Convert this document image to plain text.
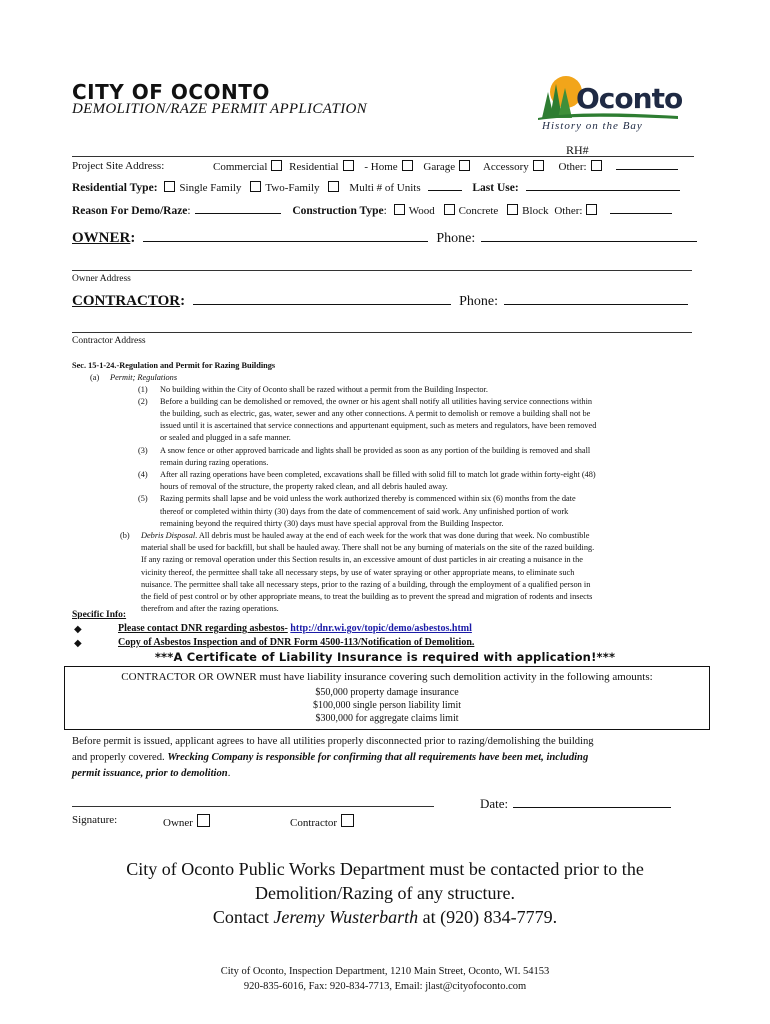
CITY OF OCONTO
DEMOLITION/RAZE PERMIT APPLICATION	Oconto
History on the Bay
RH#
Project Site Address:	Commercial Residential - Home Garage	Accessory	Other:
Residential Type: Single Family Two-Family	Multi # of Units	Last Use:
Reason For Demo/Raze:	Construction Type: Wood Concrete Block Other:
OWNER:	Phone:
Owner Address
CONTRACTOR:	Phone:
Contractor Address
Sec. 15-1-24.-Regulation and Permit for Razing Buildings
(a) Permit; Regulations
(1) No building within the City of Oconto shall be razed without a permit from the Building Inspector.
(2) Before a building can be demolished or removed, the owner or his agent shall notify all utilities having service connections within
the building, such as electric, gas, water, sewer and any other connections. A permit to demolish or remove a building shall not be
issued until it is ascertained that service connections and appurtenant equipment, such as meters and regulators, have been removed
or sealed and plugged in a safe manner.
(3) A snow fence or other approved barricade and lights shall be provided as soon as any portion of the building is removed and shall
remain during razing operations.
(4) After all razing operations have been completed, excavations shall be filled with solid fill to match lot grade within forty-eight (48)
hours of removal of the structure, the property raked clean, and all debris hauled away.
(5) Razing permits shall lapse and be void unless the work authorized thereby is commenced within six (6) months from the date
thereof or completed within thirty (30) days from the date of commencement of said work. Any unfinished portion of work
remaining beyond the required thirty (30) days must have special approval from the Building Inspector.
(b) Debris Disposal. All debris must be hauled away at the end of each week for the work that was done during that week. No combustible
material shall be used for backfill, but shall be hauled away. There shall not be any burning of materials on the site of the razed building.
If any razing or removal operation under this Section results in, an excessive amount of dust particles in air creating a nuisance in the
vicinity thereof, the permittee shall take all necessary steps, by use of water spraying or other appropriate means, to eliminate such
nuisance. The permittee shall take all necessary steps, prior to the razing of a building, through the employment of a qualified person in
the field of pest control or by other appropriate means, to treat the building as to prevent the spread and migration of rodents and insects
therefrom and after the razing operations.
Specific Info:
◆	Please contact DNR regarding asbestos- http://dnr.wi.gov/topic/demo/asbestos.html
◆	Copy of Asbestos Inspection and of DNR Form 4500-113/Notification of Demolition.
***A Certificate of Liability Insurance is required with application!***
CONTRACTOR OR OWNER must have liability insurance covering such demolition activity in the following amounts:
$50,000 property damage insurance
$100,000 single person liability limit
$300,000 for aggregate claims limit
Before permit is issued, applicant agrees to have all utilities properly disconnected prior to razing/demolishing the building
and properly covered. Wrecking Company is responsible for confirming that all requirements have been met, including
permit issuance, prior to demolition.
Date:
Signature:	Owner	Contractor
City of Oconto Public Works Department must be contacted prior to the
Demolition/Razing of any structure.
Contact Jeremy Wusterbarth at (920) 834-7779.
City of Oconto, Inspection Department, 1210 Main Street, Oconto, WI. 54153
920-835-6016, Fax: 920-834-7713, Email: jlast@cityofoconto.com
